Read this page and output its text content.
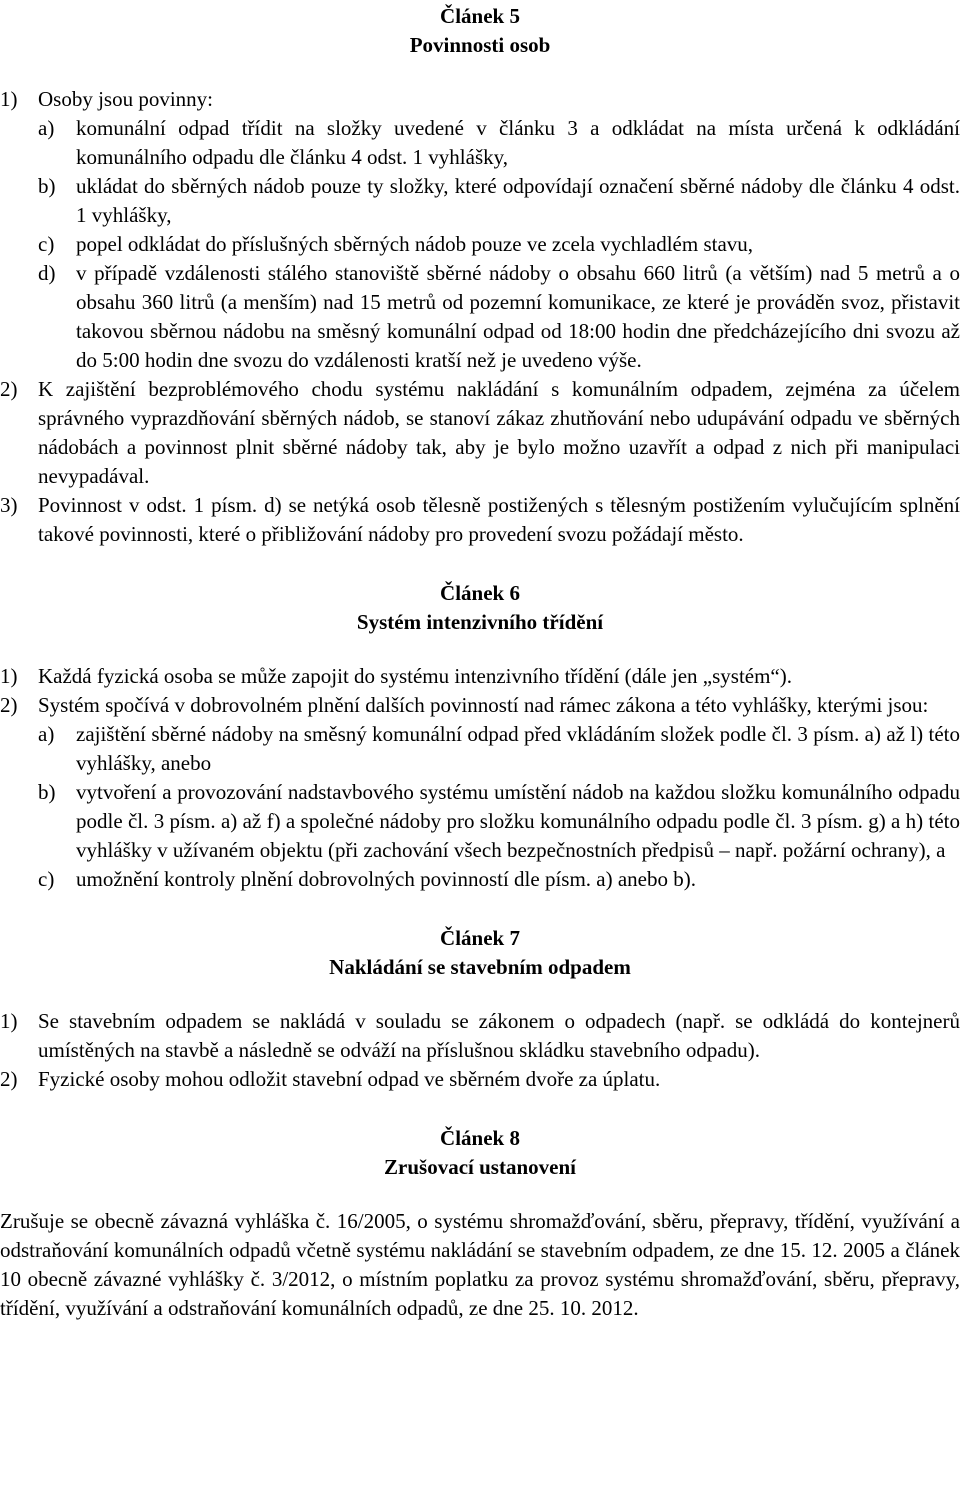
Článek 5
Povinnosti osob
1) Osoby jsou povinny:
a)	komunální odpad třídit na složky uvedené v článku 3 a odkládat na místa určená k odkládání komunálního odpadu dle článku 4 odst. 1 vyhlášky,
b) ukládat do sběrných nádob pouze ty složky, které odpovídají označení sběrné nádoby dle článku 4 odst. 1 vyhlášky,
c)	popel odkládat do příslušných sběrných nádob pouze ve zcela vychladlém stavu,
d) v případě vzdálenosti stálého stanoviště sběrné nádoby o obsahu 660 litrů (a větším) nad 5 metrů a o obsahu 360 litrů (a menším) nad 15 metrů od pozemní komunikace, ze které je prováděn svoz, přistavit takovou sběrnou nádobu na směsný komunální odpad od 18:00 hodin dne předcházejícího dni svozu až do 5:00 hodin dne svozu do vzdálenosti kratší než je uvedeno výše.
2) K zajištění bezproblémového chodu systému nakládání s komunálním odpadem, zejména za účelem správného vyprazdňování sběrných nádob, se stanoví zákaz zhutňování nebo udupávání odpadu ve sběrných nádobách a povinnost plnit sběrné nádoby tak, aby je bylo možno uzavřít a odpad z nich při manipulaci nevypadával.
3) Povinnost v odst. 1 písm. d) se netýká osob tělesně postižených s tělesným postižením vylučujícím splnění takové povinnosti, které o přibližování nádoby pro provedení svozu požádají město.
Článek 6
Systém intenzivního třídění
1) Každá fyzická osoba se může zapojit do systému intenzivního třídění (dále jen „systém“).
2) Systém spočívá v dobrovolném plnění dalších povinností nad rámec zákona a této vyhlášky, kterými jsou:
a)	zajištění sběrné nádoby na směsný komunální odpad před vkládáním složek podle čl. 3 písm. a) až l) této vyhlášky, anebo
b) vytvoření a provozování nadstavbového systému umístění nádob na každou složku komunálního odpadu podle čl. 3 písm. a) až f) a společné nádoby pro složku komunálního odpadu podle čl. 3 písm. g) a h) této vyhlášky v užívaném objektu (při zachování všech bezpečnostních předpisů – např. požární ochrany), a
c)	umožnění kontroly plnění dobrovolných povinností dle písm. a) anebo b).
Článek 7
Nakládání se stavebním odpadem
1) Se stavebním odpadem se nakládá v souladu se zákonem o odpadech (např. se odkládá do kontejnerů umístěných na stavbě a následně se odváží na příslušnou skládku stavebního odpadu).
2) Fyzické osoby mohou odložit stavební odpad ve sběrném dvoře za úplatu.
Článek 8
Zrušovací ustanovení
Zrušuje se obecně závazná vyhláška č. 16/2005, o systému shromažďování, sběru, přepravy, třídění, využívání a odstraňování komunálních odpadů včetně systému nakládání se stavebním odpadem, ze dne 15. 12. 2005 a článek 10 obecně závazné vyhlášky č. 3/2012, o místním poplatku za provoz systému shromažďování, sběru, přepravy, třídění, využívání a odstraňování komunálních odpadů, ze dne 25. 10. 2012.
